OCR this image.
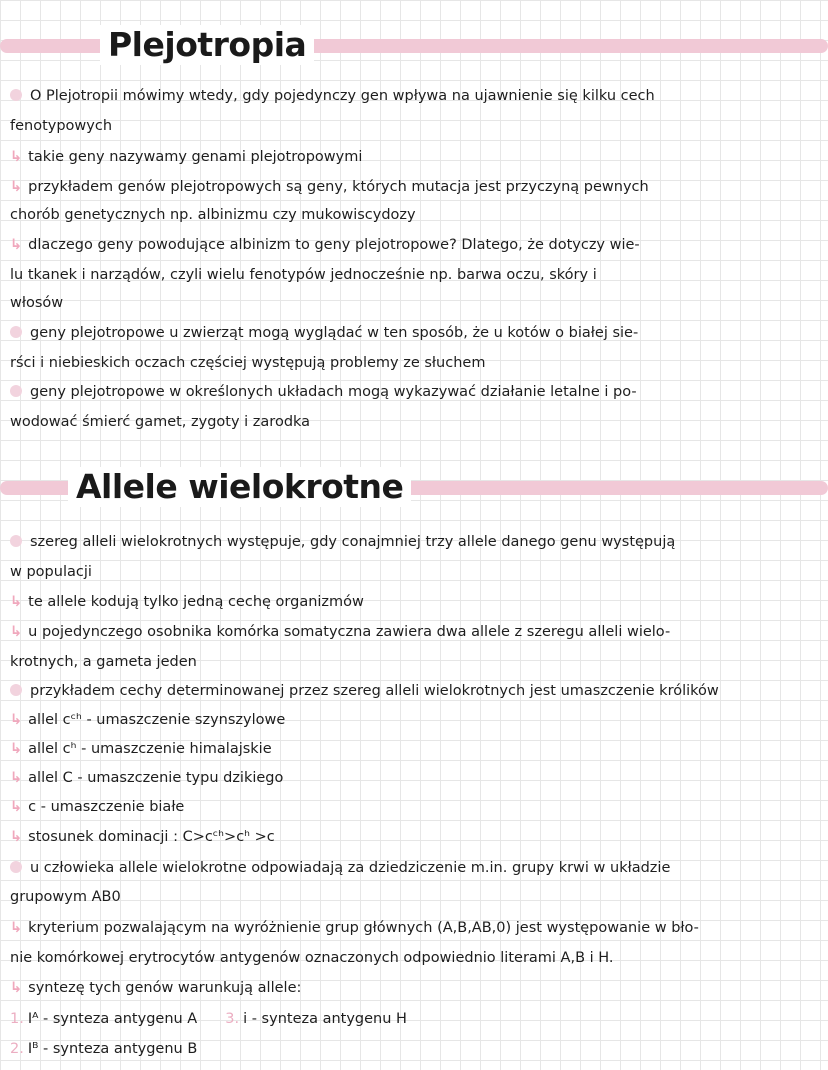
Plejotropia
O Plejotropii mówimy wtedy, gdy pojedynczy gen wpływa na ujawnienie się kilku cech
fenotypowych
↳ takie geny nazywamy genami plejotropowymi
↳ przykładem genów plejotropowych są geny, których mutacja jest przyczyną pewnych
chorób genetycznych np. albinizmu czy mukowiscydozy
↳ dlaczego geny powodujące albinizm to geny plejotropowe? Dlatego, że dotyczy wie-
lu tkanek i narządów, czyli wielu fenotypów jednocześnie np. barwa oczu, skóry i
włosów
geny plejotropowe u zwierząt mogą wyglądać w ten sposób, że u kotów o białej sie-
rści i niebieskich oczach częściej występują problemy ze słuchem
geny plejotropowe w określonych układach mogą wykazywać działanie letalne i po-
wodować śmierć gamet, zygoty i zarodka
Allele wielokrotne
szereg alleli wielokrotnych występuje, gdy conajmniej trzy allele danego genu występują
w populacji
↳ te allele kodują tylko jedną cechę organizmów
↳ u pojedynczego osobnika komórka somatyczna zawiera dwa allele z szeregu alleli wielo-
krotnych, a gameta jeden
przykładem cechy determinowanej przez szereg alleli wielokrotnych jest umaszczenie królików
↳ allel cᶜʰ - umaszczenie szynszylowe
↳ allel cʰ - umaszczenie himalajskie
↳ allel C - umaszczenie typu dzikiego
↳ c - umaszczenie białe
↳ stosunek dominacji : C>cᶜʰ>cʰ >c
u człowieka allele wielokrotne odpowiadają za dziedziczenie m.in. grupy krwi w układzie
grupowym AB0
↳ kryterium pozwalającym na wyróżnienie grup głównych (A,B,AB,0) jest występowanie w bło-
nie komórkowej erytrocytów antygenów oznaczonych odpowiednio literami A,B i H.
↳ syntezę tych genów warunkują allele:
1. Iᴬ - synteza antygenu A 3. i - synteza antygenu H
2. Iᴮ - synteza antygenu B
